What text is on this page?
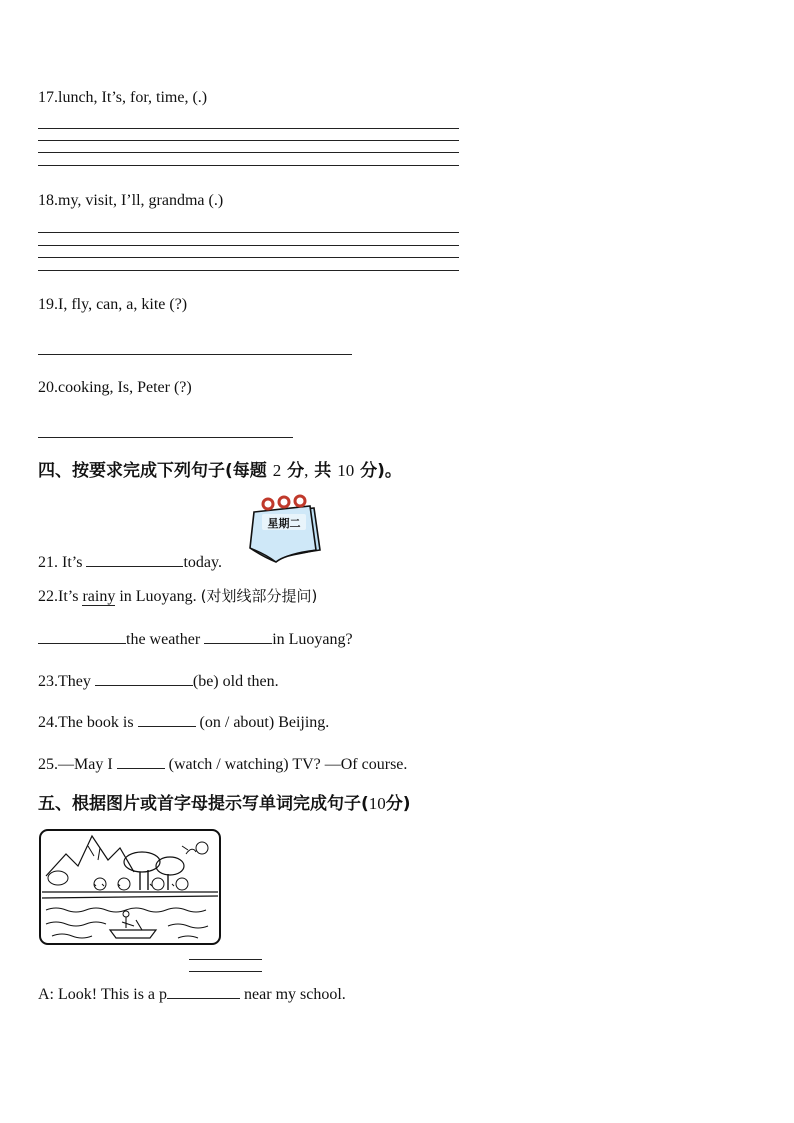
17.lunch, It’s, for, time, (.)
18.my, visit, I’ll, grandma (.)
19.I, fly, can, a, kite (?)
20.cooking, Is, Peter (?)
四、按要求完成下列句子(每题 2 分, 共 10 分)。
星期二
21. It’s	today.
22.It’s rainy in Luoyang. (对划线部分提问)
the weather	in Luoyang?
23.They	(be) old then.
24.The book is	(on / about) Beijing.
25.—May I	(watch / watching) TV? —Of course.
五、根据图片或首字母提示写单词完成句子(10分)
A: Look! This is a p	near my school.
